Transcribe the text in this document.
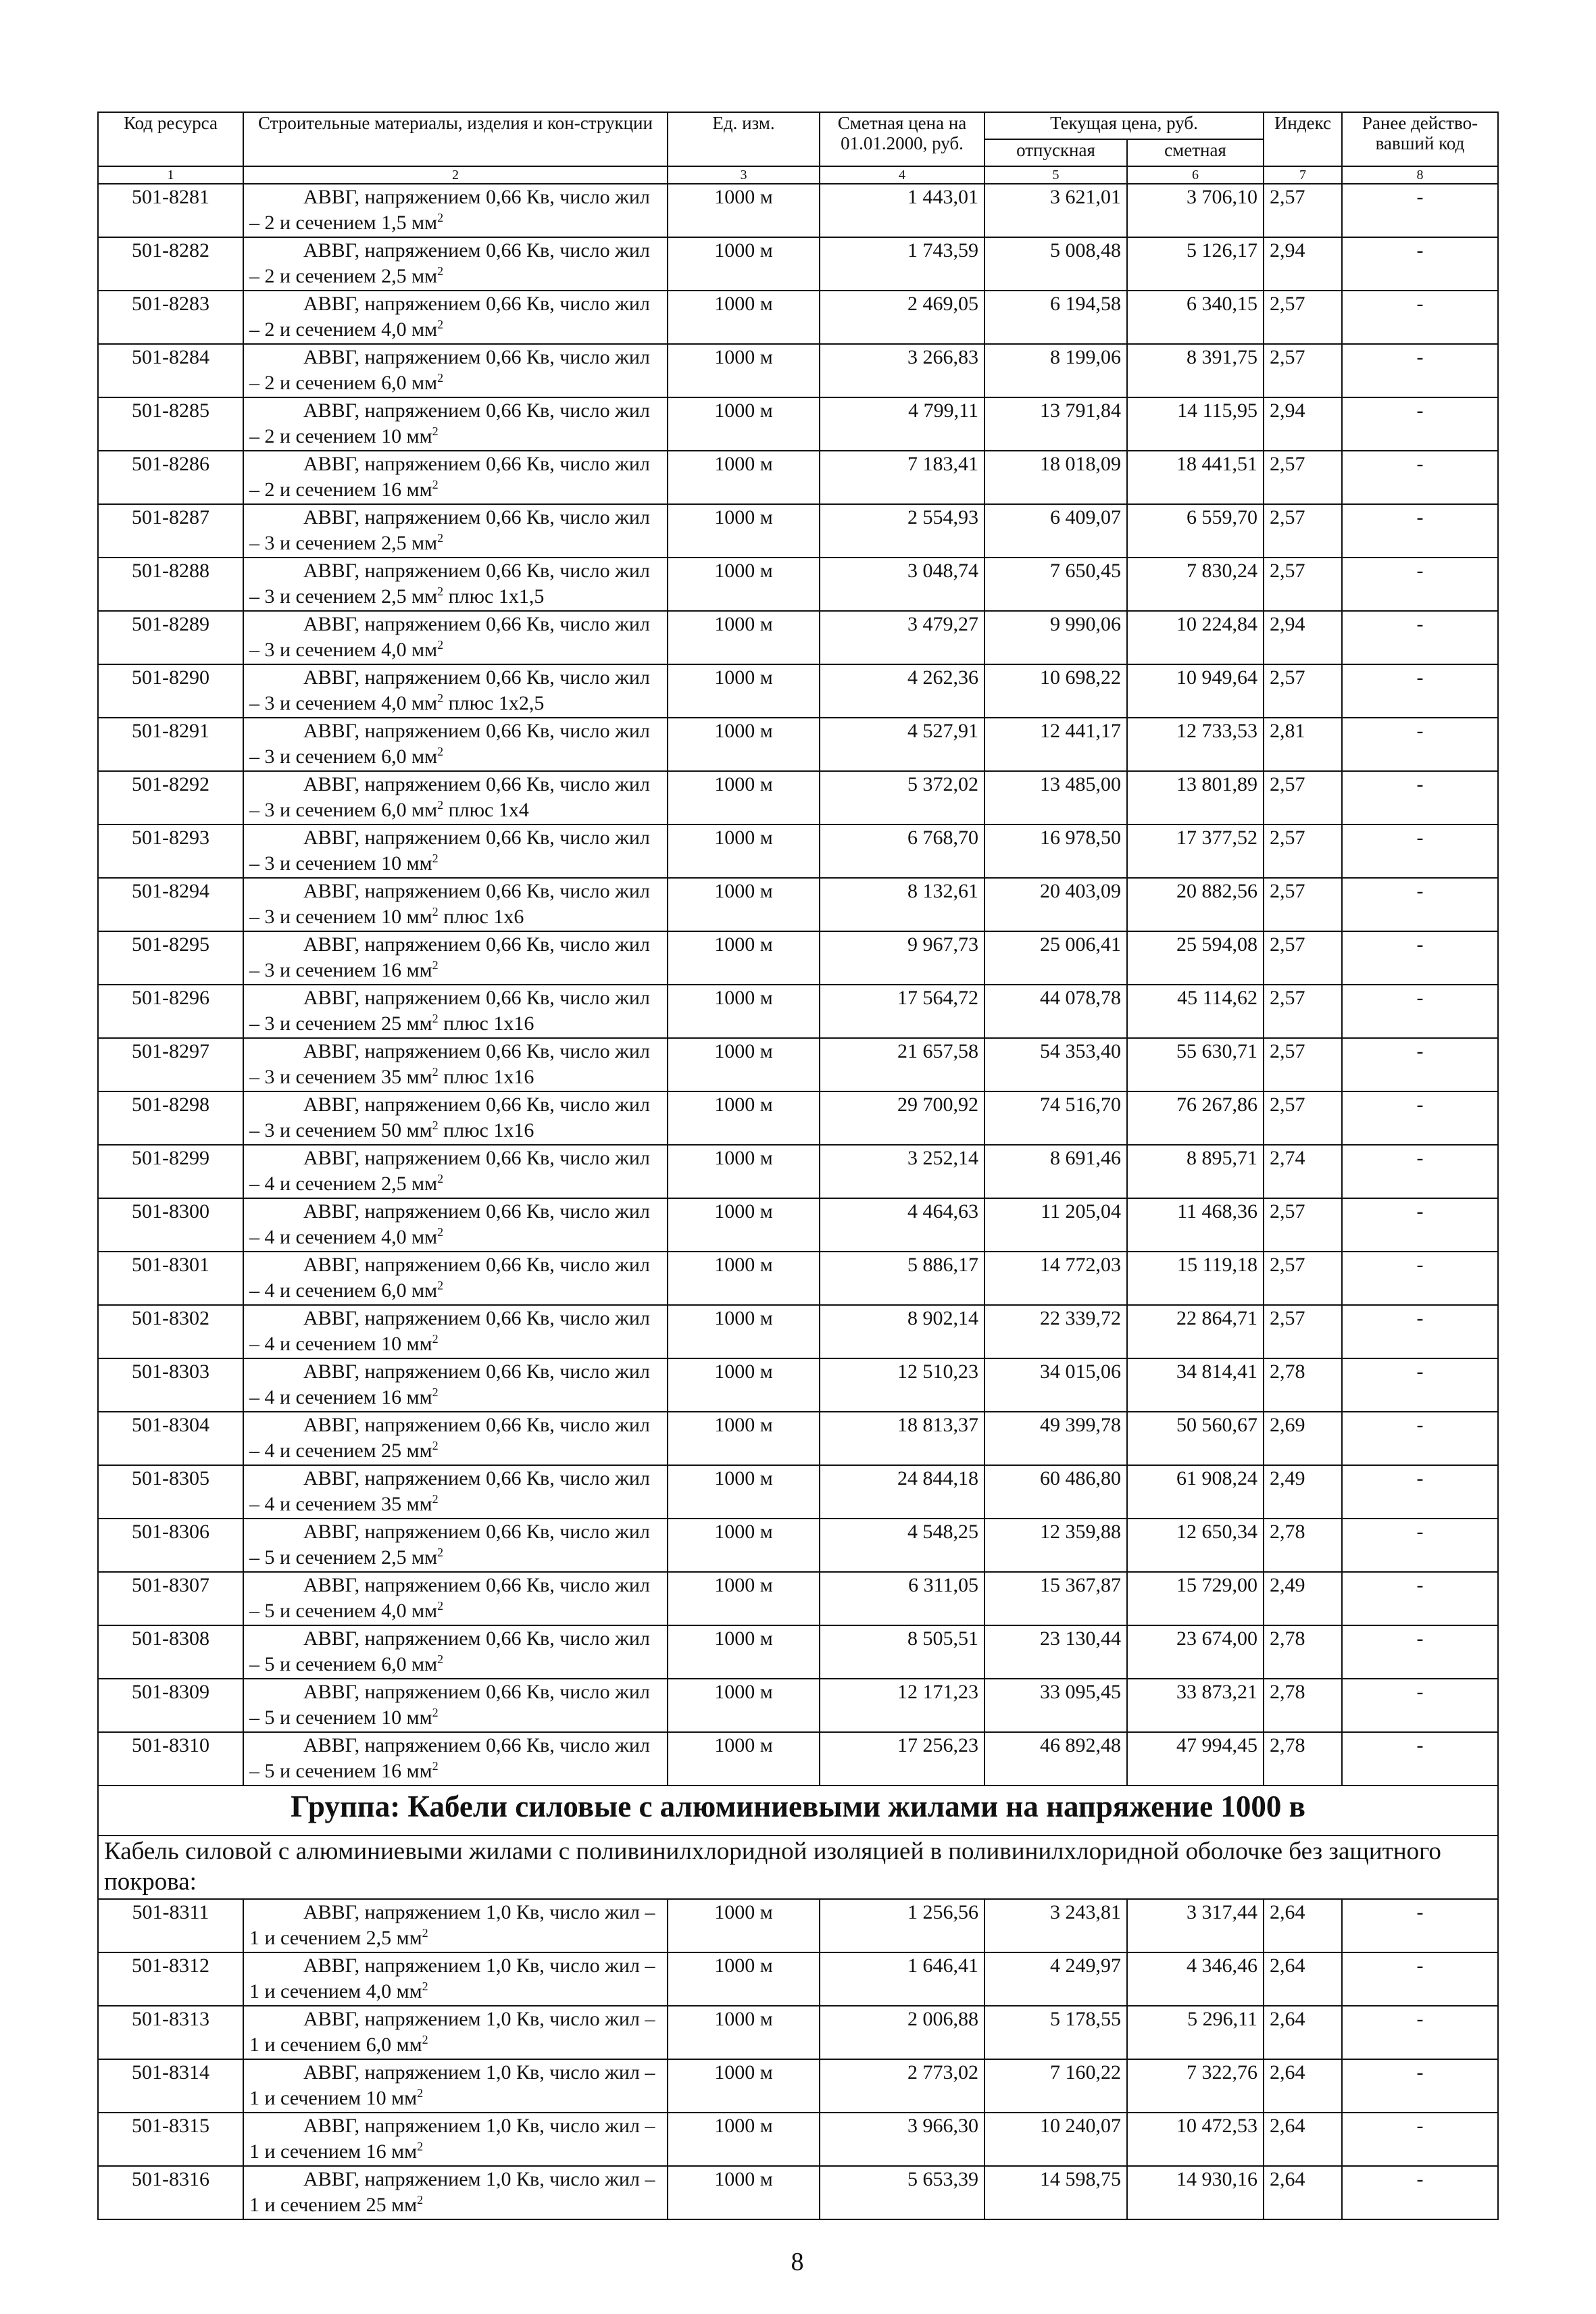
Код ресурса	Строительные материалы, изделия и кон-струкции	Ед. изм.	Сметная цена на 01.01.2000, руб.	Текущая цена, руб.		Индекс	Ранее действо-вавший код
				отпускная	сметная		
1	2	3	4	5	6	7	8
501-8281	АВВГ, напряжением 0,66 Кв, число жил – 2 и сечением 1,5 $мм^2$	1000 м	1 443,01	3 621,01	3 706,10	2,57	-
501-8282	АВВГ, напряжением 0,66 Кв, число жил – 2 и сечением 2,5 $мм^2$	1000 м	1 743,59	5 008,48	5 126,17	2,94	-
501-8283	АВВГ, напряжением 0,66 Кв, число жил – 2 и сечением 4,0 $мм^2$	1000 м	2 469,05	6 194,58	6 340,15	2,57	-
501-8284	АВВГ, напряжением 0,66 Кв, число жил – 2 и сечением 6,0 $мм^2$	1000 м	3 266,83	8 199,06	8 391,75	2,57	-
501-8285	АВВГ, напряжением 0,66 Кв, число жил – 2 и сечением 10 $мм^2$	1000 м	4 799,11	13 791,84	14 115,95	2,94	-
501-8286	АВВГ, напряжением 0,66 Кв, число жил – 2 и сечением 16 $мм^2$	1000 м	7 183,41	18 018,09	18 441,51	2,57	-
501-8287	АВВГ, напряжением 0,66 Кв, число жил – 3 и сечением 2,5 $мм^2$	1000 м	2 554,93	6 409,07	6 559,70	2,57	-
501-8288	АВВГ, напряжением 0,66 Кв, число жил – 3 и сечением 2,5 $мм^2$ плюс 1х1,5	1000 м	3 048,74	7 650,45	7 830,24	2,57	-
501-8289	АВВГ, напряжением 0,66 Кв, число жил – 3 и сечением 4,0 $мм^2$	1000 м	3 479,27	9 990,06	10 224,84	2,94	-
501-8290	АВВГ, напряжением 0,66 Кв, число жил – 3 и сечением 4,0 $мм^2$ плюс 1х2,5	1000 м	4 262,36	10 698,22	10 949,64	2,57	-
501-8291	АВВГ, напряжением 0,66 Кв, число жил – 3 и сечением 6,0 $мм^2$	1000 м	4 527,91	12 441,17	12 733,53	2,81	-
501-8292	АВВГ, напряжением 0,66 Кв, число жил – 3 и сечением 6,0 $мм^2$ плюс 1х4	1000 м	5 372,02	13 485,00	13 801,89	2,57	-
501-8293	АВВГ, напряжением 0,66 Кв, число жил – 3 и сечением 10 $мм^2$	1000 м	6 768,70	16 978,50	17 377,52	2,57	-
501-8294	АВВГ, напряжением 0,66 Кв, число жил – 3 и сечением 10 $мм^2$ плюс 1х6	1000 м	8 132,61	20 403,09	20 882,56	2,57	-
501-8295	АВВГ, напряжением 0,66 Кв, число жил – 3 и сечением 16 $мм^2$	1000 м	9 967,73	25 006,41	25 594,08	2,57	-
501-8296	АВВГ, напряжением 0,66 Кв, число жил – 3 и сечением 25 $мм^2$ плюс 1х16	1000 м	17 564,72	44 078,78	45 114,62	2,57	-
501-8297	АВВГ, напряжением 0,66 Кв, число жил – 3 и сечением 35 $мм^2$ плюс 1х16	1000 м	21 657,58	54 353,40	55 630,71	2,57	-
501-8298	АВВГ, напряжением 0,66 Кв, число жил – 3 и сечением 50 $мм^2$ плюс 1х16	1000 м	29 700,92	74 516,70	76 267,86	2,57	-
501-8299	АВВГ, напряжением 0,66 Кв, число жил – 4 и сечением 2,5 $мм^2$	1000 м	3 252,14	8 691,46	8 895,71	2,74	-
501-8300	АВВГ, напряжением 0,66 Кв, число жил – 4 и сечением 4,0 $мм^2$	1000 м	4 464,63	11 205,04	11 468,36	2,57	-
501-8301	АВВГ, напряжением 0,66 Кв, число жил – 4 и сечением 6,0 $мм^2$	1000 м	5 886,17	14 772,03	15 119,18	2,57	-
501-8302	АВВГ, напряжением 0,66 Кв, число жил – 4 и сечением 10 $мм^2$	1000 м	8 902,14	22 339,72	22 864,71	2,57	-
501-8303	АВВГ, напряжением 0,66 Кв, число жил – 4 и сечением 16 $мм^2$	1000 м	12 510,23	34 015,06	34 814,41	2,78	-
501-8304	АВВГ, напряжением 0,66 Кв, число жил – 4 и сечением 25 $мм^2$	1000 м	18 813,37	49 399,78	50 560,67	2,69	-
501-8305	АВВГ, напряжением 0,66 Кв, число жил – 4 и сечением 35 $мм^2$	1000 м	24 844,18	60 486,80	61 908,24	2,49	-
501-8306	АВВГ, напряжением 0,66 Кв, число жил – 5 и сечением 2,5 $мм^2$	1000 м	4 548,25	12 359,88	12 650,34	2,78	-
501-8307	АВВГ, напряжением 0,66 Кв, число жил – 5 и сечением 4,0 $мм^2$	1000 м	6 311,05	15 367,87	15 729,00	2,49	-
501-8308	АВВГ, напряжением 0,66 Кв, число жил – 5 и сечением 6,0 $мм^2$	1000 м	8 505,51	23 130,44	23 674,00	2,78	-
501-8309	АВВГ, напряжением 0,66 Кв, число жил – 5 и сечением 10 $мм^2$	1000 м	12 171,23	33 095,45	33 873,21	2,78	-
501-8310	АВВГ, напряжением 0,66 Кв, число жил – 5 и сечением 16 $мм^2$	1000 м	17 256,23	46 892,48	47 994,45	2,78	-
Группа: Кабели силовые с алюминиевыми жилами на напряжение 1000 в							
Кабель силовой с алюминиевыми жилами с поливинилхлоридной изоляцией в поливинилхлоридной оболочке без защитного покрова:							
501-8311	АВВГ, напряжением 1,0 Кв, число жил – 1 и сечением 2,5 $мм^2$	1000 м	1 256,56	3 243,81	3 317,44	2,64	-
501-8312	АВВГ, напряжением 1,0 Кв, число жил – 1 и сечением 4,0 $мм^2$	1000 м	1 646,41	4 249,97	4 346,46	2,64	-
501-8313	АВВГ, напряжением 1,0 Кв, число жил – 1 и сечением 6,0 $мм^2$	1000 м	2 006,88	5 178,55	5 296,11	2,64	-
501-8314	АВВГ, напряжением 1,0 Кв, число жил – 1 и сечением 10 $мм^2$	1000 м	2 773,02	7 160,22	7 322,76	2,64	-
501-8315	АВВГ, напряжением 1,0 Кв, число жил – 1 и сечением 16 $мм^2$	1000 м	3 966,30	10 240,07	10 472,53	2,64	-
501-8316	АВВГ, напряжением 1,0 Кв, число жил – 1 и сечением 25 $мм^2$	1000 м	5 653,39	14 598,75	14 930,16	2,64	-
8
